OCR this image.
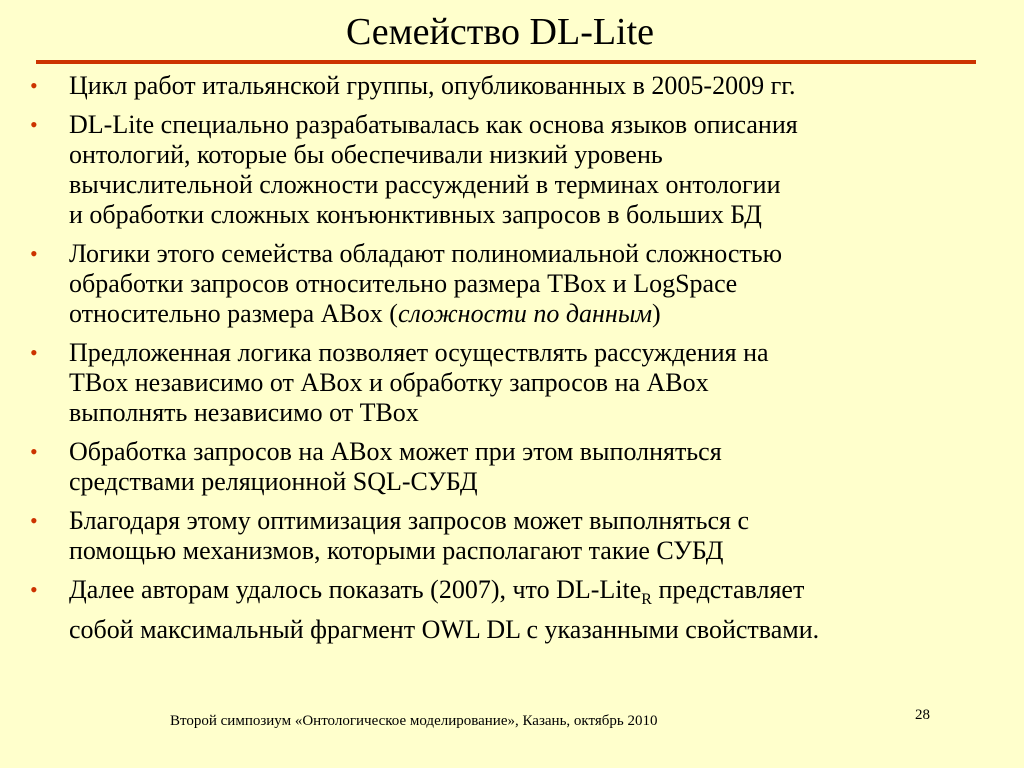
Семейство DL-Lite
• Цикл работ итальянской группы, опубликованных в 2005-2009 гг.
• DL-Lite специально разрабатывалась как основа языков описания
онтологий, которые бы обеспечивали низкий уровень
вычислительной сложности рассуждений в терминах онтологии
и обработки сложных конъюнктивных запросов в больших БД
• Логики этого семейства обладают полиномиальной сложностью
обработки запросов относительно размера TBox и LogSpace
относительно размера ABox (сложности по данным)
• Предложенная логика позволяет осуществлять рассуждения на
TBox независимо от ABox и обработку запросов на ABox
выполнять независимо от TBox
• Обработка запросов на ABox может при этом выполняться
средствами реляционной SQL-СУБД
• Благодаря этому оптимизация запросов может выполняться с
помощью механизмов, которыми располагают такие СУБД
• Далее авторам удалось показать (2007), что DL-Lite$_R$ представляет
собой максимальный фрагмент OWL DL с указанными свойствами.
Второй симпозиум «Онтологическое моделирование», Казань, октябрь 2010	28
